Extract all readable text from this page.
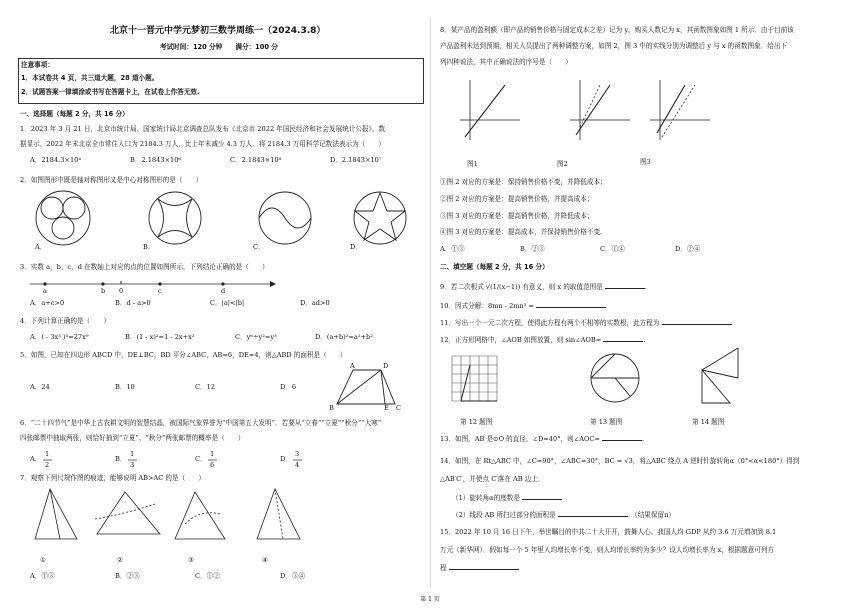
北京十一晋元中学元梦初三数学周练一（2024.3.8）
考试时间：120 分钟　　满分：100 分
注意事项：
1．本试卷共 4 页，共三道大题，28 道小题。
2．试题答案一律填涂或书写在答题卡上，在试卷上作答无效.
一、选择题（每题 2 分，共 16 分）
1．2023 年 3 月 21 日，北京市统计局、国家统计局北京调查总队发布《北京市 2022 年国民经济和社会发展统计公报》。数
据显示，2022 年末北京全市常住人口为 2184.3 万人，比上年末减少 4.3 万人．将 2184.3 万用科学记数法表示为（　　）
A．2184.3×10⁴	B．2.1843×10⁶	C．2.1843×10⁸	D．2.1843×10⁷
2．如图图形中既是轴对称图形又是中心对称图形的是（　　）
A．	B．	C．	D．
3．实数 a，b，c，d 在数轴上对应的点的位置如图所示，下列结论正确的是（　　）
a	b 0	c	d
A．a+c>0	B．d - a>0	C．|a|<|b|	D．ad>0
4．下列计算正确的是（　　）
A．( - 3x³ )³=27x⁹	B．(1 - x)²=1 - 2x+x²	C．y⁶÷y²=y³	D．(a+b)²=a²+b²
5．如图，已知在四边形 ABCD 中，DE⊥BC，BD 平分∠ABC，AB=6，DE=4，则△ABD 的面积是（　　）
A	D
B	E C
A．24	B．18	C．12	D．6
6．“二十四节气”是中华上古农耕文明的智慧结晶，被国际气象界誉为“中国第五大发明”．若要从“立春”“立夏”“秋分”“大寒”
四张邮票中抽取两张，则恰好抽到“立夏”、“秋分”两张邮票的概率是（　　）
A．
1
2
B．
1
3
C．
1
6
D．
3
4
7．观察下列尺规作图的痕迹，能够说明 AB>AC 的是（　　）
①	②	③	④
A．①③	B．②③	C．①②	D．③④
8．某产品的盈利额（即产品的销售价格与固定成本之差）记为 y，购买人数记为 x，其函数图象如图 1 所示．由于目前该
产品盈利未达到预期，相关人员提出了两种调整方案，如图 2，图 3 中的实线分别为调整后 y 与 x 的函数图象．给出下
列四种说法，其中正确说法的序号是（　　）
图1	图2	图3
①图 2 对应的方案是：保持销售价格不变，并降低成本；
②图 2 对应的方案是：提高销售价格，并提高成本；
③图 3 对应的方案是：提高销售价格，并降低成本；
④图 3 对应的方案是：提高成本，并保持销售价格不变.
A．①③	B．②③	C．①④	D．②④
二、填空题（每题 2 分，共 16 分）
9．若二次根式 √(1/(x−1)) 有意义，则 x 的取值范围是	.
10．因式分解：8mn - 2mn³ =
11．写出一个一元二次方程，使得此方程有两个不相等的实数根，此方程为
12．正方形网格中，∠AOB 如图放置，则 sin∠AOB=	.
第 12 题图	第 13 题图	第 14 题图
13．如图，AB 是⊙O 的直径，∠D=40°，则∠AOC=	.
14．如图，在 Rt△ABC 中，∠C=90°，∠ABC=30°，BC = √3，将△ABC 绕点 A 逆时针旋转角α（0°<α<180°）得到
△AB′C′，并使点 C′落在 AB 边上．
（1）旋转角α的度数是
（2）线段 AB 所扫过部分的面积是	．（结果保留π）
15．2022 年 10 月 16 日下午，举世瞩目的中共二十大开开，鼓舞人心。我国人均 GDP 从约 3.6 万元增加到 8.1
万元（新华网）．假如每一个 5 年里人均增长率不变，则人均增长率约为多少？设人均增长率为 x，根据题意可列方
程
第 1 页
